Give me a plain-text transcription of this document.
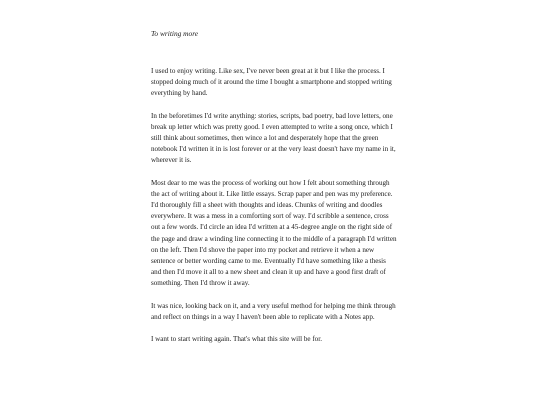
To writing more

I used to enjoy writing. Like sex, I've never been great at it but I like the process. I stopped doing much of it around the time I bought a smartphone and stopped writing everything by hand.

In the beforetimes I'd write anything: stories, scripts, bad poetry, bad love letters, one break up letter which was pretty good. I even attempted to write a song once, which I still think about sometimes, then wince a lot and desperately hope that the green notebook I'd written it in is lost forever or at the very least doesn't have my name in it, wherever it is.

Most dear to me was the process of working out how I felt about something through the act of writing about it. Like little essays. Scrap paper and pen was my preference. I'd thoroughly fill a sheet with thoughts and ideas. Chunks of writing and doodles everywhere. It was a mess in a comforting sort of way. I'd scribble a sentence, cross out a few words. I'd circle an idea I'd written at a 45-degree angle on the right side of the page and draw a winding line connecting it to the middle of a paragraph I'd written on the left. Then I'd shove the paper into my pocket and retrieve it when a new sentence or better wording came to me. Eventually I'd have something like a thesis and then I'd move it all to a new sheet and clean it up and have a good first draft of something. Then I'd throw it away.

It was nice, looking back on it, and a very useful method for helping me think through and reflect on things in a way I haven't been able to replicate with a Notes app.

I want to start writing again. That's what this site will be for.
